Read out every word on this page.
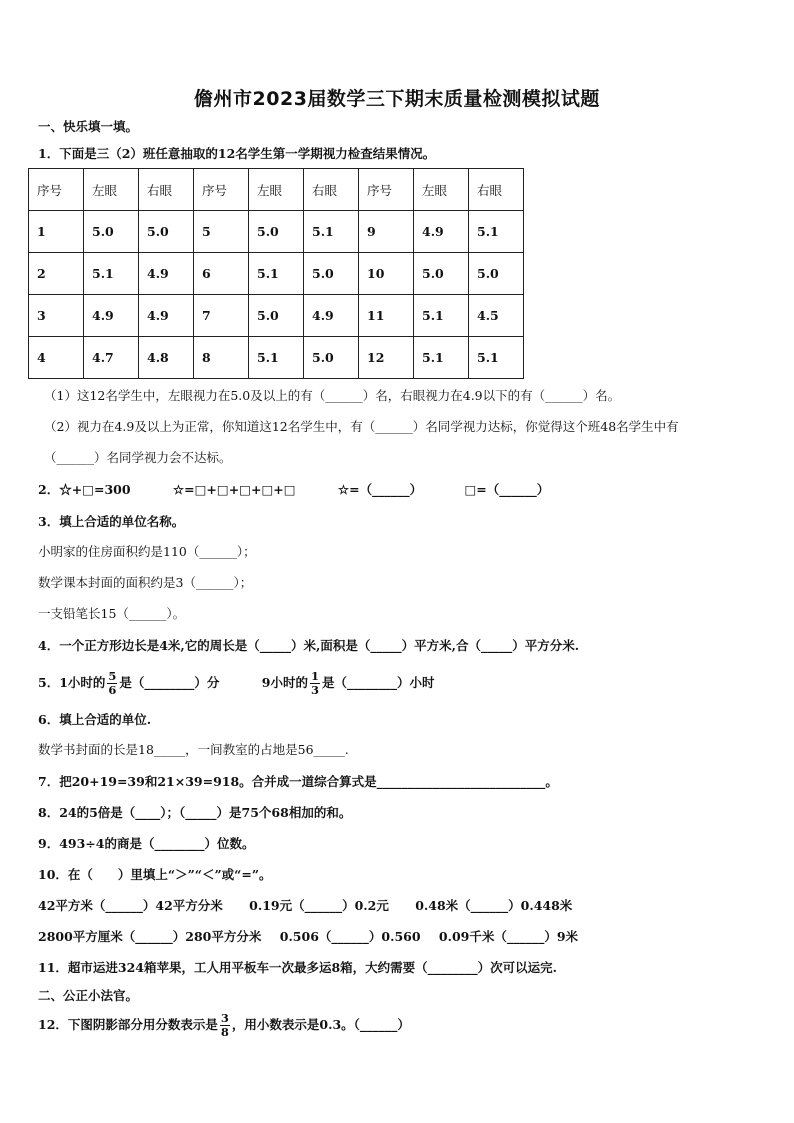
儋州市2023届数学三下期末质量检测模拟试题
一、快乐填一填。
1．下面是三（2）班任意抽取的12名学生第一学期视力检查结果情况。
序号	左眼	右眼	序号	左眼	右眼	序号	左眼	右眼
1	5.0	5.0	5	5.0	5.1	9	4.9	5.1
2	5.1	4.9	6	5.1	5.0	10	5.0	5.0
3	4.9	4.9	7	5.0	4.9	11	5.1	4.5
4	4.7	4.8	8	5.1	5.0	12	5.1	5.1
（1）这12名学生中，左眼视力在5.0及以上的有（______）名，右眼视力在4.9以下的有（______）名。
（2）视力在4.9及以上为正常，你知道这12名学生中，有（______）名同学视力达标，你觉得这个班48名学生中有
（______）名同学视力会不达标。
2．☆+□=300	☆=□+□+□+□+□	☆=（______）	□=（______）
3．填上合适的单位名称。
小明家的住房面积约是110（______）；
数学课本封面的面积约是3（______）；
一支铅笔长15（______）。
4．一个正方形边长是4米,它的周长是（_____）米,面积是（_____）平方米,合（_____）平方分米.
5．1小时的 $\frac{5}{6}$ 是（________）分	9小时的 $\frac{1}{3}$ 是（________）小时
6．填上合适的单位.
数学书封面的长是18_____，一间教室的占地是56_____.
7．把20+19=39和21×39=918。合并成一道综合算式是___________________________。
8．24的5倍是（____）；（_____）是75个68相加的和。
9．493÷4的商是（________）位数。
10．在（　　）里填上“＞”“＜”或“=”。
42平方米（______）42平方分米 0.19元（______）0.2元 0.48米（______）0.448米
2800平方厘米（______）280平方分米 0.506（______）0.560 0.09千米（______）9米
11．超市运进324箱苹果，工人用平板车一次最多运8箱，大约需要（________）次可以运完.
二、公正小法官。
12．下图阴影部分用分数表示是 $\frac{3}{8}$ ，用小数表示是0.3。（______）
